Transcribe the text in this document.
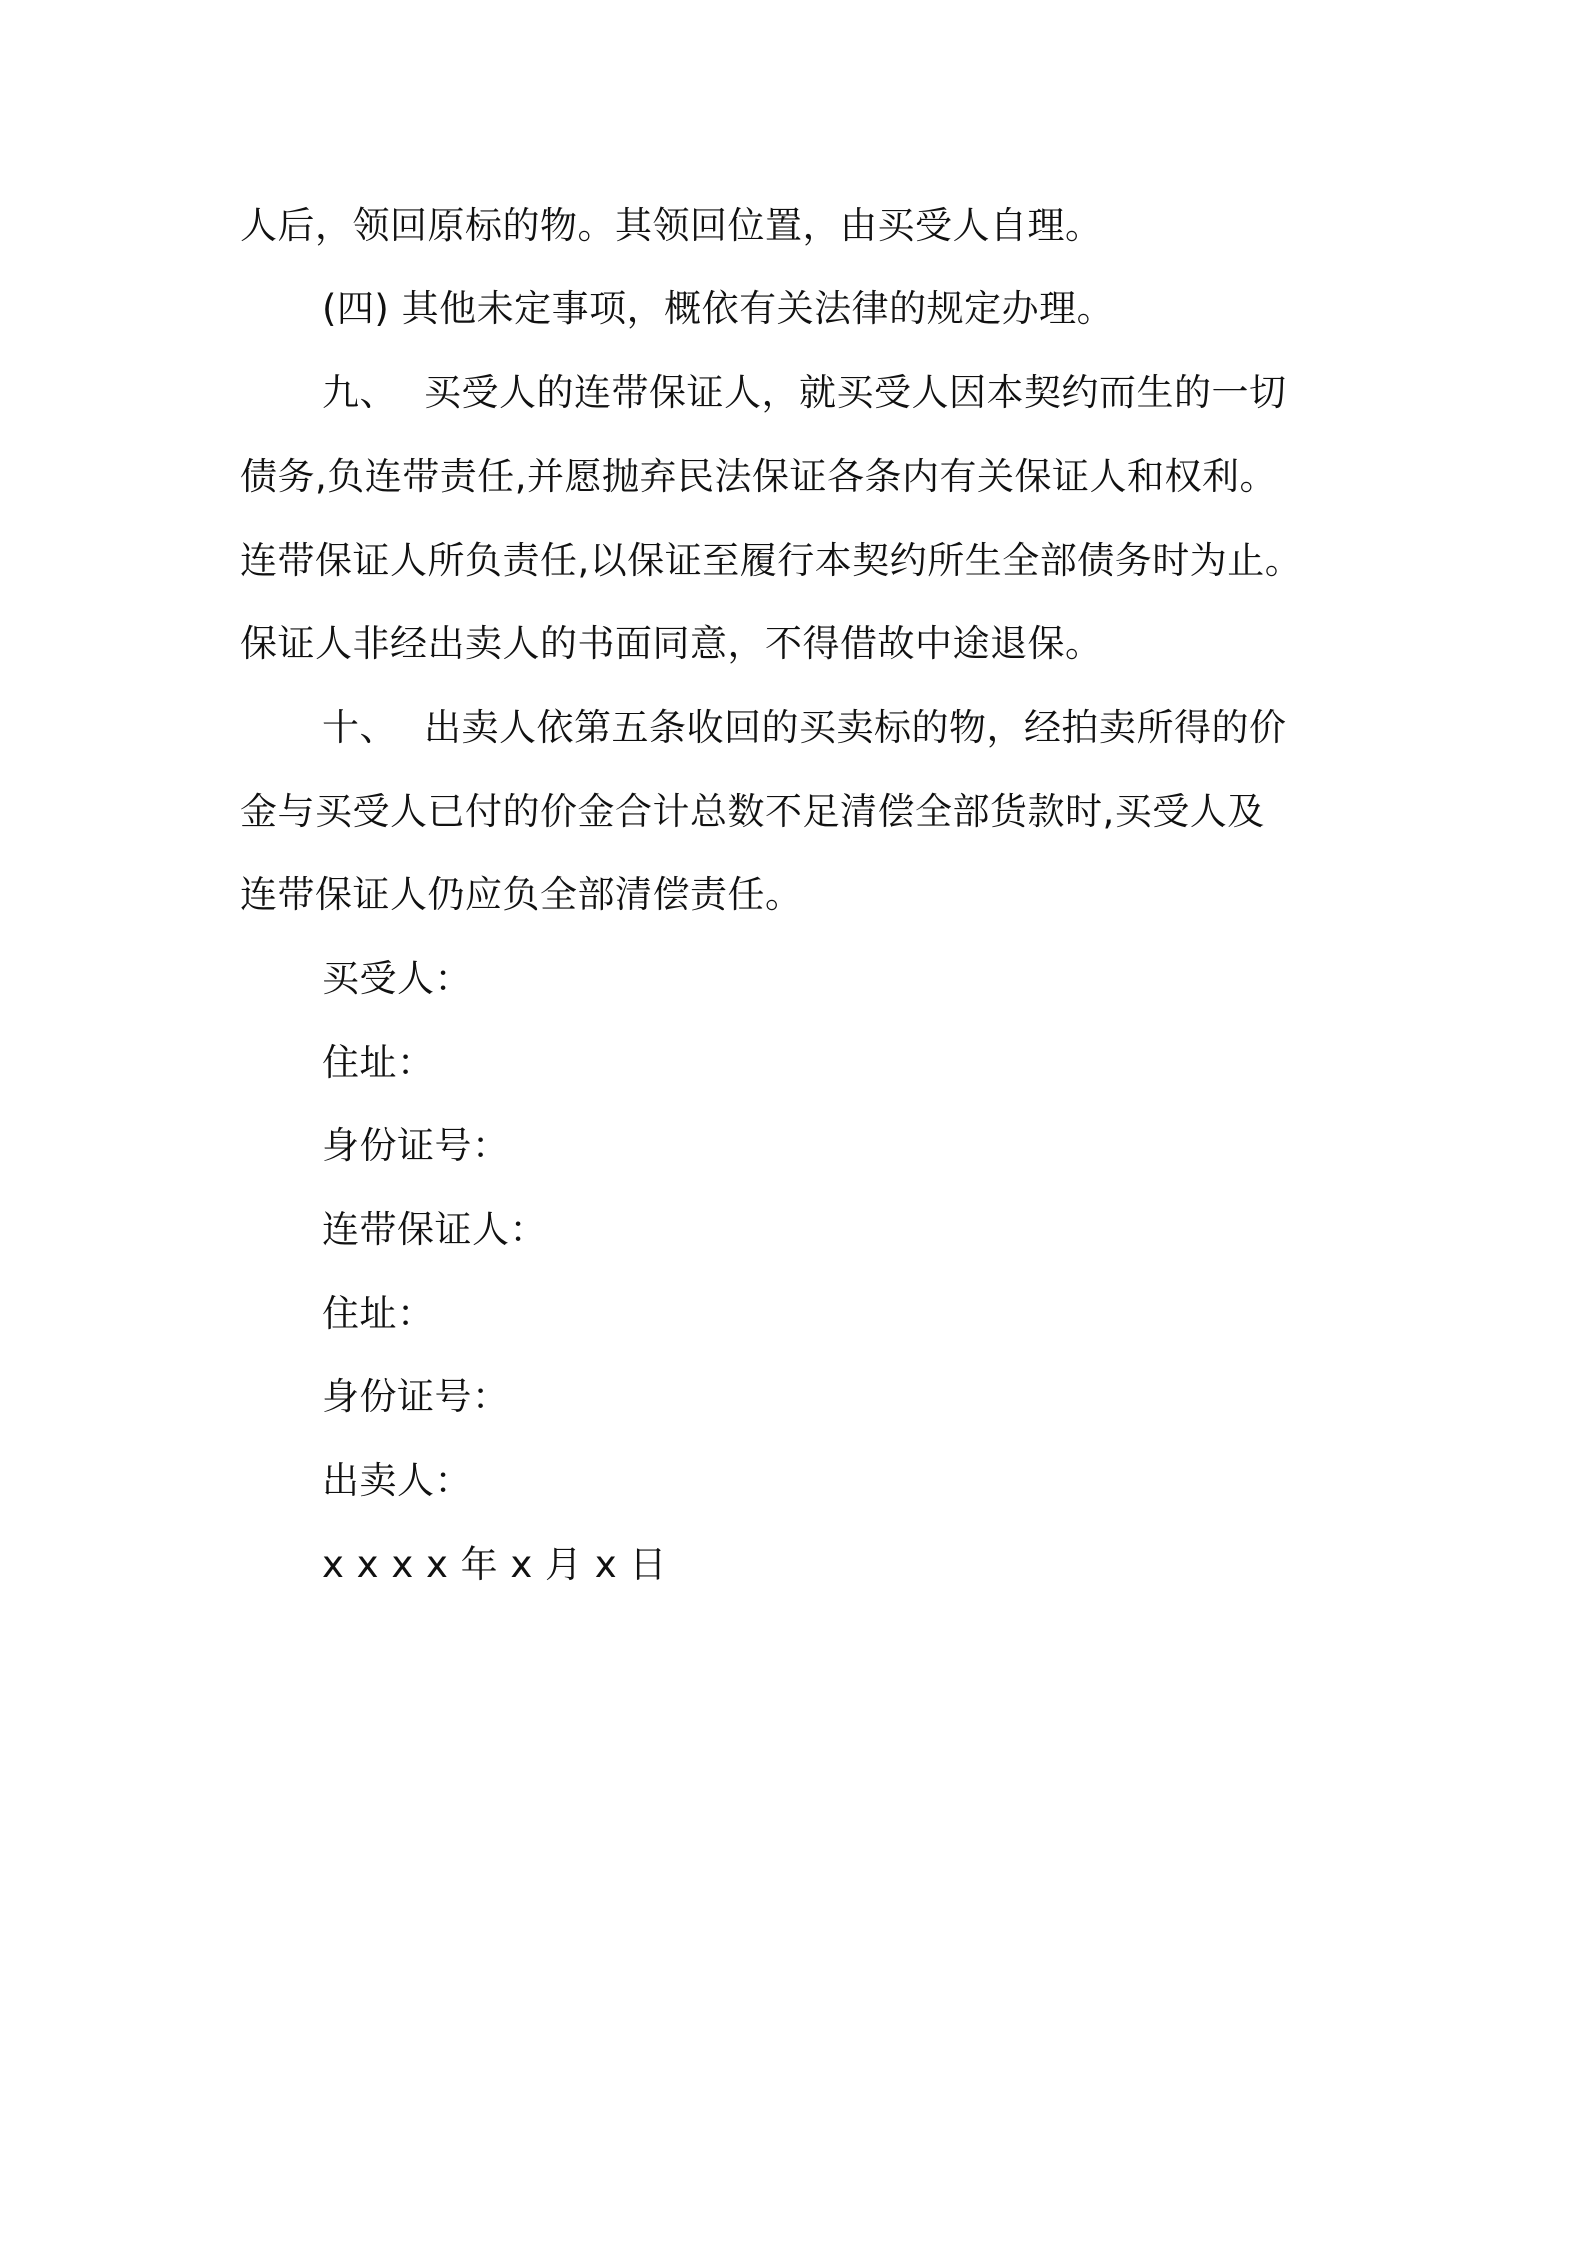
人后，领回原标的物。其领回位置，由买受人自理。
(四) 其他未定事项，概依有关法律的规定办理。
九、 买受人的连带保证人，就买受人因本契约而生的一切
债务,负连带责任,并愿抛弃民法保证各条内有关保证人和权利。
连带保证人所负责任,以保证至履行本契约所生全部债务时为止。
保证人非经出卖人的书面同意，不得借故中途退保。
十、 出卖人依第五条收回的买卖标的物，经拍卖所得的价
金与买受人已付的价金合计总数不足清偿全部货款时,买受人及
连带保证人仍应负全部清偿责任。
买受人：
住址：
身份证号：
连带保证人：
住址：
身份证号：
出卖人：
x x x x 年 x 月 x 日
